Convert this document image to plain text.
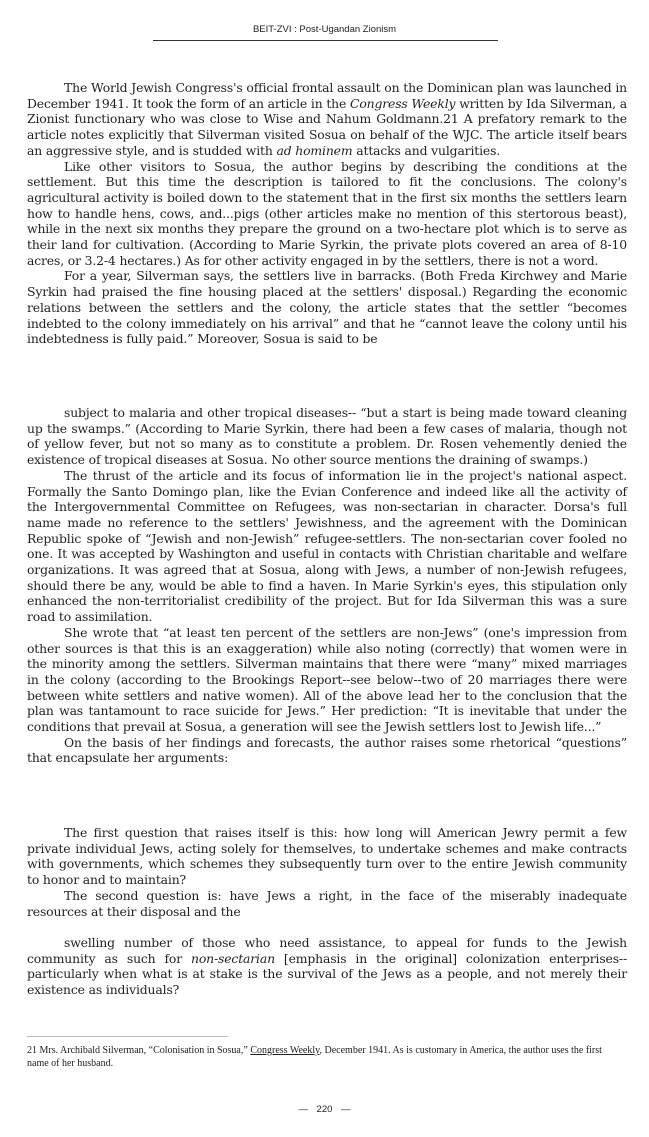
BEIT-ZVI : Post-Ugandan Zionism

The World Jewish Congress's official frontal assault on the Dominican plan was launched in December 1941. It took the form of an article in the Congress Weekly written by Ida Silverman, a Zionist functionary who was close to Wise and Nahum Goldmann.21 A prefatory remark to the article notes explicitly that Silverman visited Sosua on behalf of the WJC. The article itself bears an aggressive style, and is studded with ad hominem attacks and vulgarities.

Like other visitors to Sosua, the author begins by describing the conditions at the settlement. But this time the description is tailored to fit the conclusions. The colony's agricultural activity is boiled down to the statement that in the first six months the settlers learn how to handle hens, cows, and...pigs (other articles make no mention of this stertorous beast), while in the next six months they prepare the ground on a two-hectare plot which is to serve as their land for cultivation. (According to Marie Syrkin, the private plots covered an area of 8-10 acres, or 3.2-4 hectares.) As for other activity engaged in by the settlers, there is not a word.

For a year, Silverman says, the settlers live in barracks. (Both Freda Kirchwey and Marie Syrkin had praised the fine housing placed at the settlers' disposal.) Regarding the economic relations between the settlers and the colony, the article states that the settler “becomes indebted to the colony immediately on his arrival” and that he “cannot leave the colony until his indebtedness is fully paid.” Moreover, Sosua is said to be

subject to malaria and other tropical diseases-- “but a start is being made toward cleaning up the swamps.” (According to Marie Syrkin, there had been a few cases of malaria, though not of yellow fever, but not so many as to constitute a problem. Dr. Rosen vehemently denied the existence of tropical diseases at Sosua. No other source mentions the draining of swamps.)

The thrust of the article and its focus of information lie in the project's national aspect. Formally the Santo Domingo plan, like the Evian Conference and indeed like all the activity of the Intergovernmental Committee on Refugees, was non-sectarian in character. Dorsa's full name made no reference to the settlers' Jewishness, and the agreement with the Dominican Republic spoke of “Jewish and non-Jewish” refugee-settlers. The non-sectarian cover fooled no one. It was accepted by Washington and useful in contacts with Christian charitable and welfare organizations. It was agreed that at Sosua, along with Jews, a number of non-Jewish refugees, should there be any, would be able to find a haven. In Marie Syrkin's eyes, this stipulation only enhanced the non-territorialist credibility of the project. But for Ida Silverman this was a sure road to assimilation.

She wrote that “at least ten percent of the settlers are non-Jews” (one's impression from other sources is that this is an exaggeration) while also noting (correctly) that women were in the minority among the settlers. Silverman maintains that there were “many” mixed marriages in the colony (according to the Brookings Report--see below--two of 20 marriages there were between white settlers and native women). All of the above lead her to the conclusion that the plan was tantamount to race suicide for Jews.” Her prediction: “It is inevitable that under the conditions that prevail at Sosua, a generation will see the Jewish settlers lost to Jewish life...”

On the basis of her findings and forecasts, the author raises some rhetorical “questions” that encapsulate her arguments:

The first question that raises itself is this: how long will American Jewry permit a few private individual Jews, acting solely for themselves, to undertake schemes and make contracts with governments, which schemes they subsequently turn over to the entire Jewish community to honor and to maintain?

The second question is: have Jews a right, in the face of the miserably inadequate resources at their disposal and the

swelling number of those who need assistance, to appeal for funds to the Jewish community as such for non-sectarian [emphasis in the original] colonization enterprises--particularly when what is at stake is the survival of the Jews as a people, and not merely their existence as individuals?

21 Mrs. Archibald Silverman, “Colonisation in Sosua,” Congress Weekly, December 1941. As is customary in America, the author uses the first name of her husband.
— 220 —
